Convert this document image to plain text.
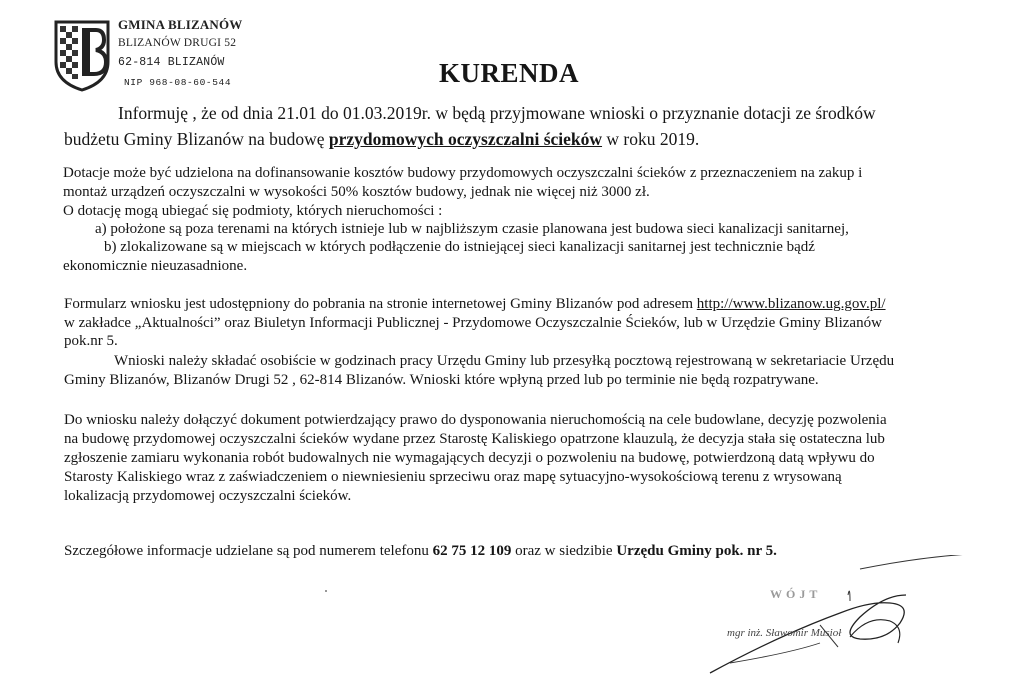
GMINA BLIZANÓW
BLIZANÓW DRUGI 52
62-814 BLIZANÓW
NIP 968-08-60-544	KURENDA
Informuję , że od dnia 21.01 do 01.03.2019r. w będą przyjmowane wnioski o przyznanie dotacji ze środków
budżetu Gminy Blizanów na budowę przydomowych oczyszczalni ścieków w roku 2019.
Dotacje może być udzielona na dofinansowanie kosztów budowy przydomowych oczyszczalni ścieków z przeznaczeniem na zakup i
montaż urządzeń oczyszczalni w wysokości 50% kosztów budowy, jednak nie więcej niż 3000 zł.
O dotację mogą ubiegać się podmioty, których nieruchomości :
a) położone są poza terenami na których istnieje lub w najbliższym czasie planowana jest budowa sieci kanalizacji sanitarnej,
b) zlokalizowane są w miejscach w których podłączenie do istniejącej sieci kanalizacji sanitarnej jest technicznie bądź
ekonomicznie nieuzasadnione.
Formularz wniosku jest udostępniony do pobrania na stronie internetowej Gminy Blizanów pod adresem http://www.blizanow.ug.gov.pl/
w zakładce „Aktualności” oraz Biuletyn Informacji Publicznej - Przydomowe Oczyszczalnie Ścieków, lub w Urzędzie Gminy Blizanów
pok.nr 5.
Wnioski należy składać osobiście w godzinach pracy Urzędu Gminy lub przesyłką pocztową rejestrowaną w sekretariacie Urzędu
Gminy Blizanów, Blizanów Drugi 52 , 62-814 Blizanów. Wnioski które wpłyną przed lub po terminie nie będą rozpatrywane.
Do wniosku należy dołączyć dokument potwierdzający prawo do dysponowania nieruchomością na cele budowlane, decyzję pozwolenia
na budowę przydomowej oczyszczalni ścieków wydane przez Starostę Kaliskiego opatrzone klauzulą, że decyzja stała się ostateczna lub
zgłoszenie zamiaru wykonania robót budowalnych nie wymagających decyzji o pozwoleniu na budowę, potwierdzoną datą wpływu do
Starosty Kaliskiego wraz z zaświadczeniem o niewniesieniu sprzeciwu oraz mapę sytuacyjno-wysokościową terenu z wrysowaną
lokalizacją przydomowej oczyszczalni ścieków.
Szczegółowe informacje udzielane są pod numerem telefonu 62 75 12 109 oraz w siedzibie Urzędu Gminy pok. nr 5.
WÓJT
mgr inż. Sławomir Musioł
